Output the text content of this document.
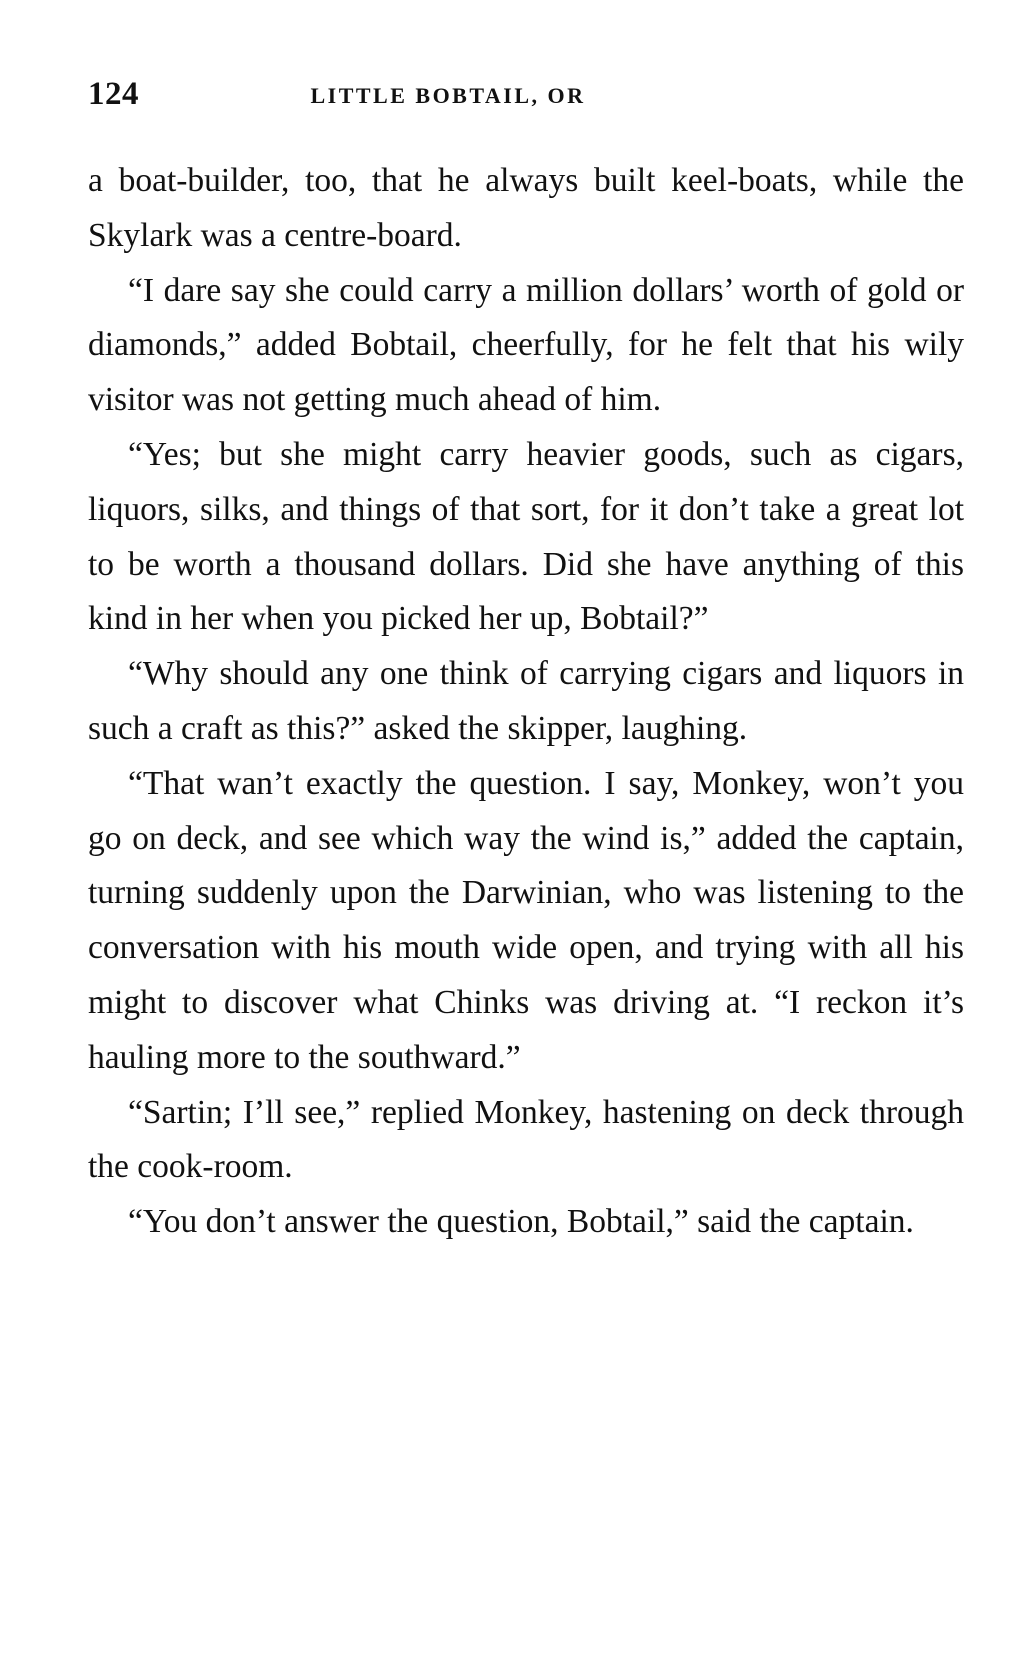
124	LITTLE BOBTAIL, OR

a boat-builder, too, that he always built keel-boats, while the Skylark was a centre-board.

“I dare say she could carry a million dollars’ worth of gold or diamonds,” added Bobtail, cheerfully, for he felt that his wily visitor was not getting much ahead of him.

“Yes; but she might carry heavier goods, such as cigars, liquors, silks, and things of that sort, for it don’t take a great lot to be worth a thousand dollars. Did she have anything of this kind in her when you picked her up, Bobtail?”

“Why should any one think of carrying cigars and liquors in such a craft as this?” asked the skipper, laughing.

“That wan’t exactly the question. I say, Monkey, won’t you go on deck, and see which way the wind is,” added the captain, turning suddenly upon the Darwinian, who was listening to the conversation with his mouth wide open, and trying with all his might to discover what Chinks was driving at. “I reckon it’s hauling more to the southward.”

“Sartin; I’ll see,” replied Monkey, hastening on deck through the cook-room.

“You don’t answer the question, Bobtail,” said the captain.
